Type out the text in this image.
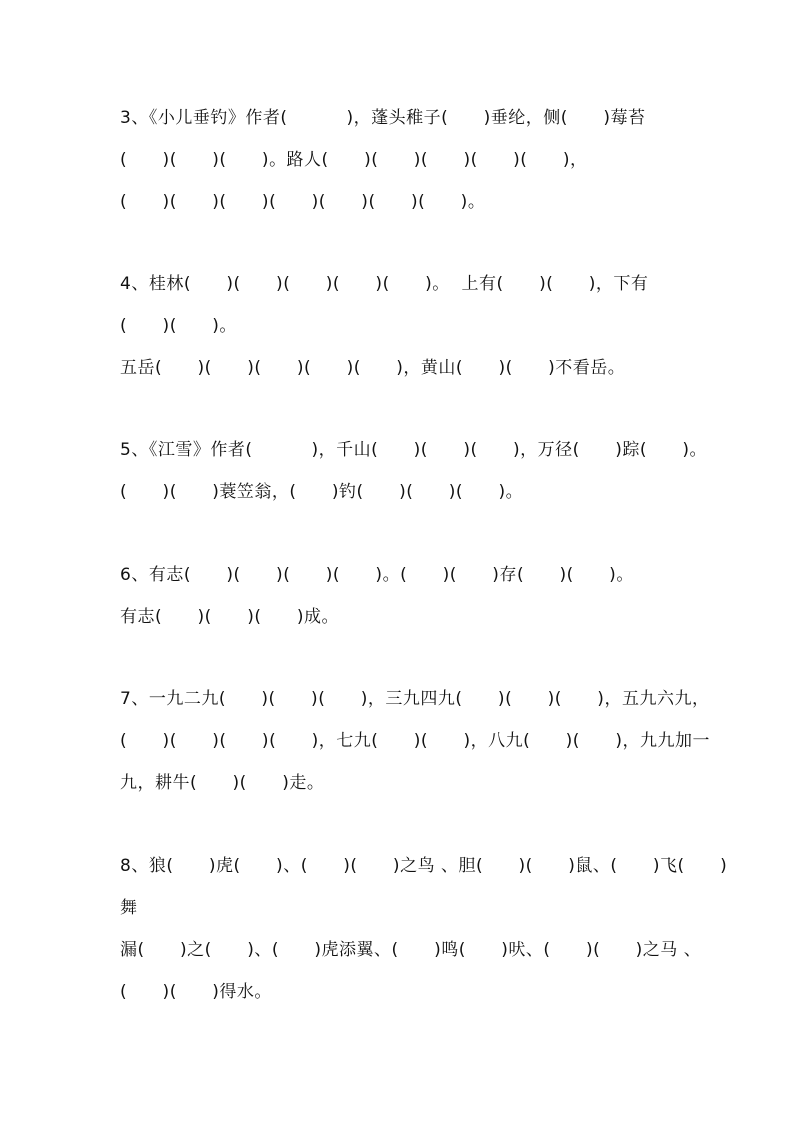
3、《小儿垂钓》作者(          )，蓬头稚子(      )垂纶，侧(      )莓苔
(      )(      )(      )。路人(      )(      )(      )(      )(      )，
(      )(      )(      )(      )(      )(      )(      )。
4、桂林(      )(      )(      )(      )(      )。  上有(      )(      )，下有
(      )(      )。
五岳(      )(      )(      )(      )(      )，黄山(      )(      )不看岳。
5、《江雪》作者(          )，千山(      )(      )(      )，万径(      )踪(      )。
(      )(      )蓑笠翁，(      )钓(      )(      )(      )。
6、有志(      )(      )(      )(      )。(      )(      )存(      )(      )。
有志(      )(      )(      )成。
7、一九二九(      )(      )(      )，三九四九(      )(      )(      )，五九六九，
(      )(      )(      )(      )，七九(      )(      )，八九(      )(      )，九九加一
九，耕牛(      )(      )走。
8、狼(      )虎(      )、(      )(      )之鸟 、胆(      )(      )鼠、(      )飞(      )
舞
漏(      )之(      )、(      )虎添翼、(      )鸣(      )吠、(      )(      )之马 、
(      )(      )得水。
